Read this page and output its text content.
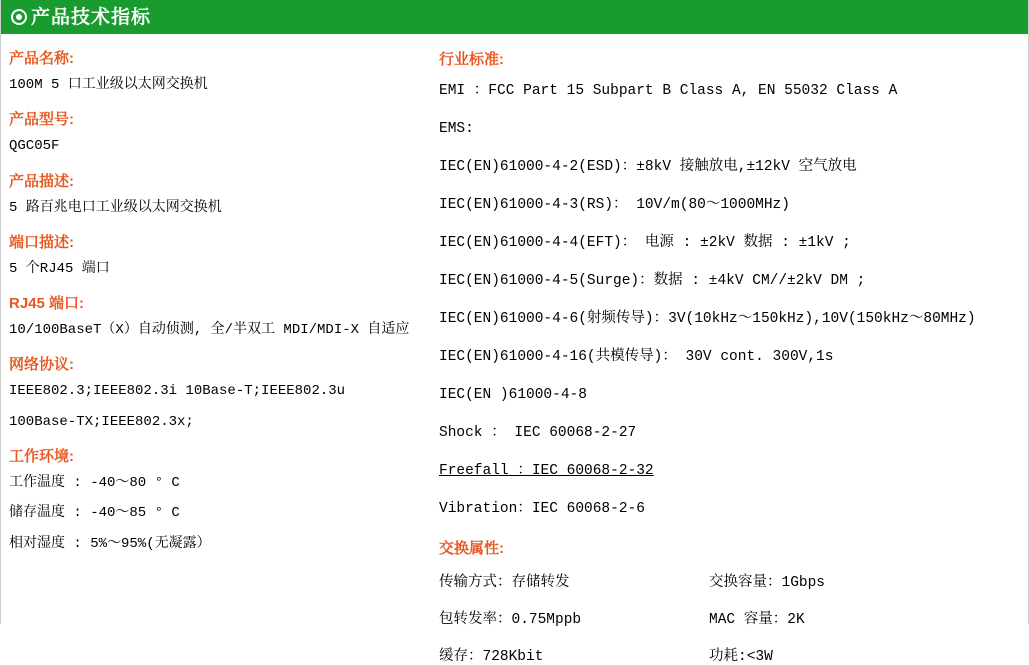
产品技术指标
产品名称:
100M 5 口工业级以太网交换机
产品型号:
QGC05F
产品描述:
5 路百兆电口工业级以太网交换机
端口描述:
5 个RJ45 端口
RJ45 端口:
10/100BaseT（X）自动侦测, 全/半双工 MDI/MDI-X 自适应
网络协议:
IEEE802.3;IEEE802.3i 10Base-T;IEEE802.3u
100Base-TX;IEEE802.3x;
工作环境:
工作温度 : -40～80 ° C
储存温度 : -40～85 ° C
相对湿度 : 5%～95%(无凝露）
行业标准:
EMI ：FCC Part 15 Subpart B Class A, EN 55032 Class A
EMS:
IEC(EN)61000-4-2(ESD)：±8kV 接触放电,±12kV 空气放电
IEC(EN)61000-4-3(RS)： 10V/m(80～1000MHz)
IEC(EN)61000-4-4(EFT)： 电源 : ±2kV 数据 : ±1kV ;
IEC(EN)61000-4-5(Surge)：数据 : ±4kV CM//±2kV DM ;
IEC(EN)61000-4-6(射频传导)：3V(10kHz～150kHz),10V(150kHz～80MHz)
IEC(EN)61000-4-16(共模传导)： 30V cont. 300V,1s
IEC(EN )61000-4-8
Shock ： IEC 60068-2-27
Freefall ：IEC 60068-2-32
Vibration：IEC 60068-2-6
交换属性:
传输方式：存储转发	交换容量：1Gbps
包转发率：0.75Mppb	MAC 容量：2K
缓存：728Kbit	功耗:<3W
